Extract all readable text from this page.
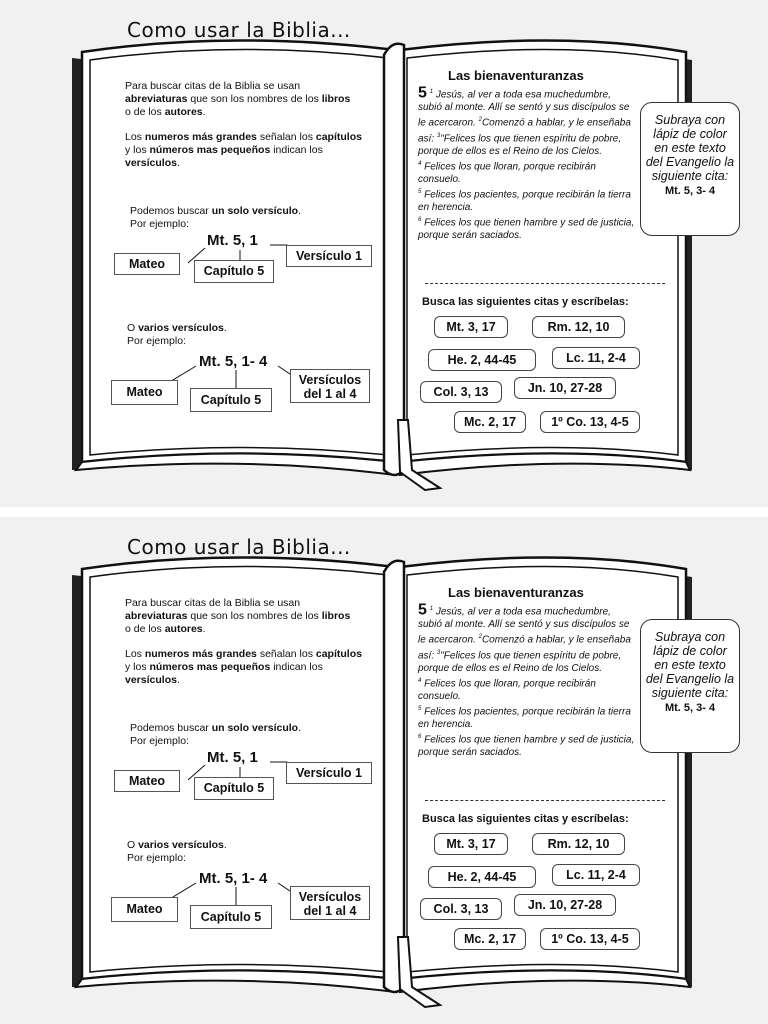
Como usar la Biblia...
Para buscar citas de la Biblia se usan abreviaturas que son los nombres de los libros o de los autores.
Los numeros más grandes señalan los capítulos y los números mas pequeños indican los versículos.
Podemos buscar un solo versículo.
Por ejemplo:
Mt. 5, 1
Mateo	Capítulo 5
Versículo 1
O varios versículos.
Por ejemplo:
Mt. 5, 1- 4
Mateo
Capítulo 5
Versículos
del 1 al 4
Las bienaventuranzas
5 $^1$ Jesús, al ver a toda esa muchedumbre, subió al monte. Allí se sentó y sus discípulos se le acercaron. $^2$Comenzó a hablar, y le enseñaba así: $^3$"Felices los que tienen espíritu de pobre, porque de ellos es el Reino de los Cielos.
$^4$ Felices los que lloran, porque recibirán consuelo.
$^5$ Felices los pacientes, porque recibirán la tierra en herencia.
$^6$ Felices los que tienen hambre y sed de justicia, porque serán saciados.
Busca las siguientes citas y escríbelas:
Mt. 3, 17	Rm. 12, 10
He. 2, 44-45	Lc. 11, 2-4
Col. 3, 13	Jn. 10, 27-28
Mc. 2, 17	1º Co. 13, 4-5
Subraya con lápiz de color en este texto del Evangelio la siguiente cita:
Mt. 5, 3- 4
Como usar la Biblia...
Para buscar citas de la Biblia se usan abreviaturas que son los nombres de los libros o de los autores.
Los numeros más grandes señalan los capítulos y los números mas pequeños indican los versículos.
Podemos buscar un solo versículo.
Por ejemplo:
Mt. 5, 1
Mateo	Capítulo 5
Versículo 1
O varios versículos.
Por ejemplo:
Mt. 5, 1- 4
Mateo
Capítulo 5
Versículos
del 1 al 4
Las bienaventuranzas
5 $^1$ Jesús, al ver a toda esa muchedumbre, subió al monte. Allí se sentó y sus discípulos se le acercaron. $^2$Comenzó a hablar, y le enseñaba así: $^3$"Felices los que tienen espíritu de pobre, porque de ellos es el Reino de los Cielos.
$^4$ Felices los que lloran, porque recibirán consuelo.
$^5$ Felices los pacientes, porque recibirán la tierra en herencia.
$^6$ Felices los que tienen hambre y sed de justicia, porque serán saciados.
Busca las siguientes citas y escríbelas:
Mt. 3, 17	Rm. 12, 10
He. 2, 44-45	Lc. 11, 2-4
Col. 3, 13	Jn. 10, 27-28
Mc. 2, 17	1º Co. 13, 4-5
Subraya con lápiz de color en este texto del Evangelio la siguiente cita:
Mt. 5, 3- 4
